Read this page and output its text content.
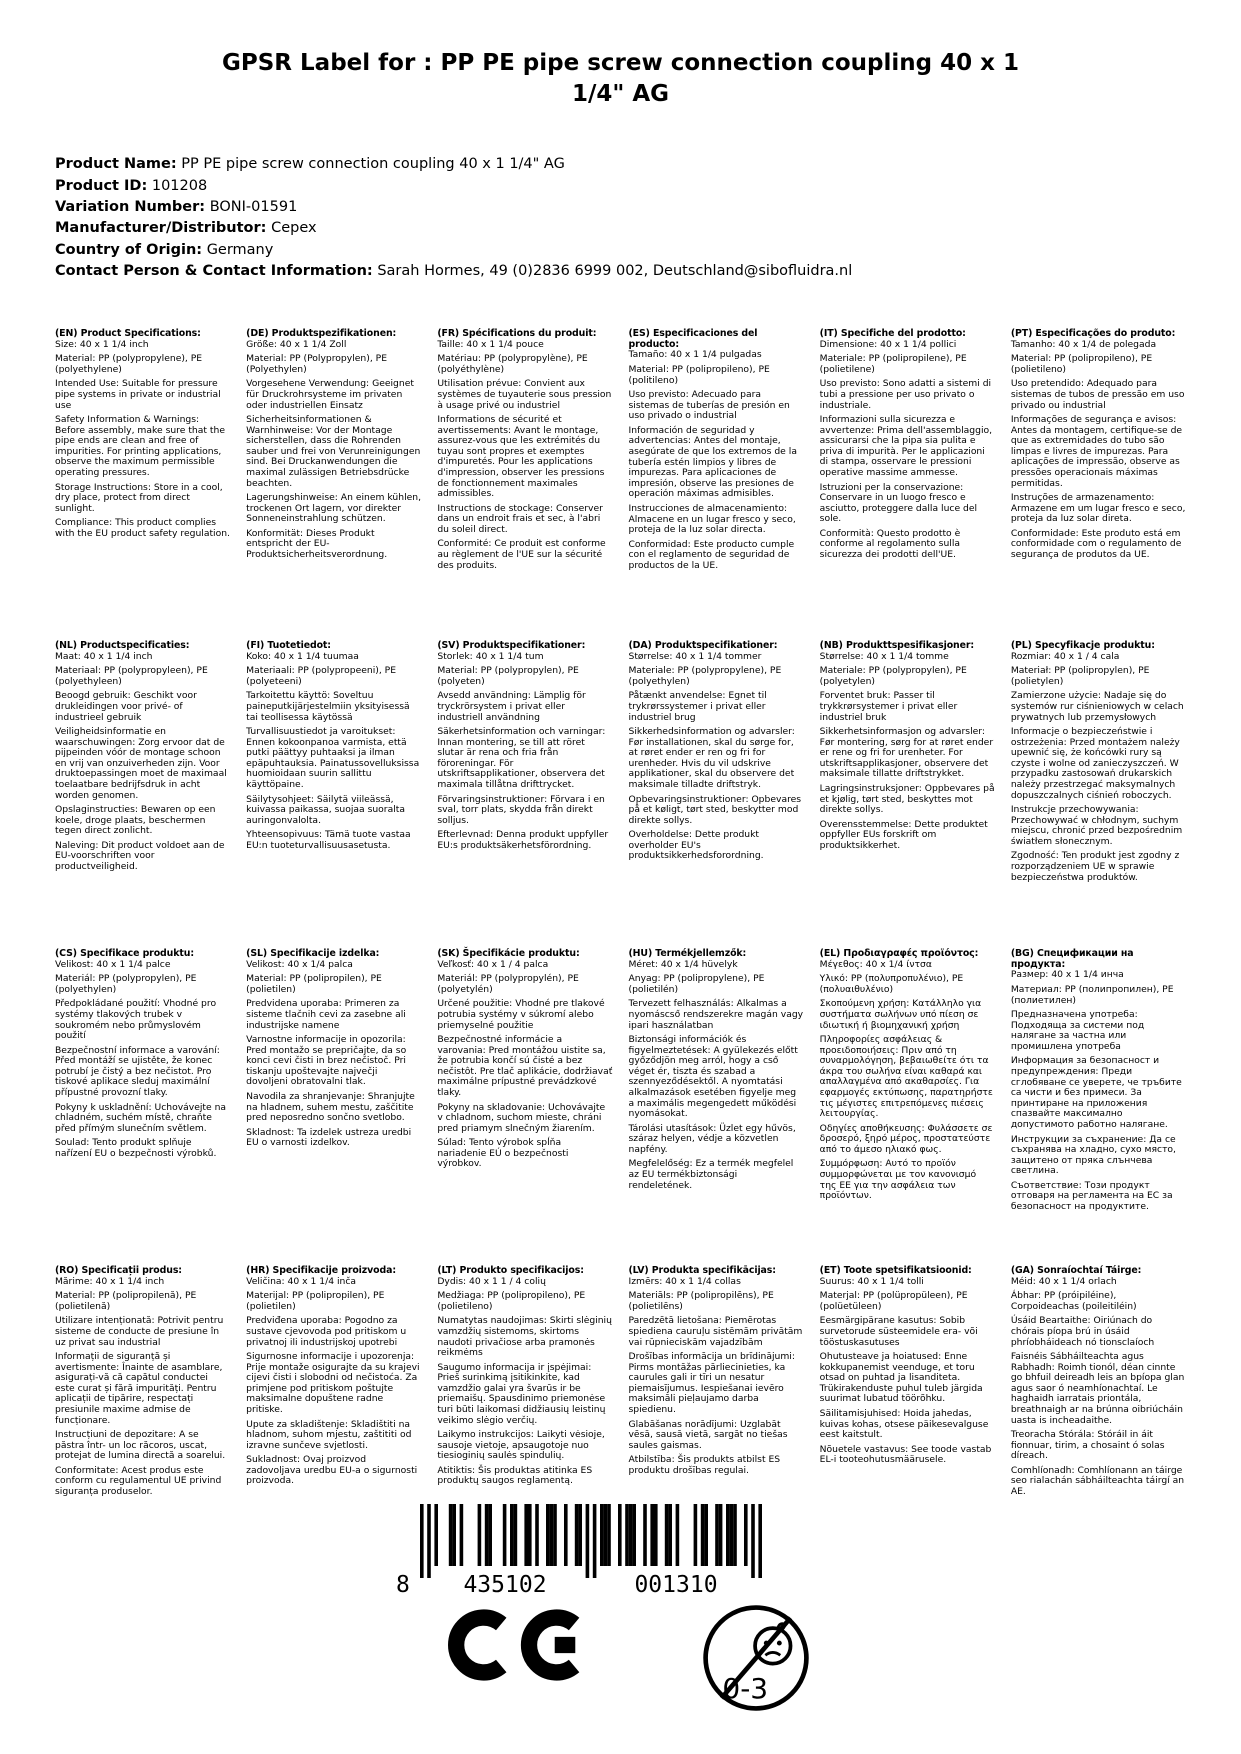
GPSR Label for : PP PE pipe screw connection coupling 40 x 1 1/4" AG
Product Name: PP PE pipe screw connection coupling 40 x 1 1/4" AG
Product ID: 101208
Variation Number: BONI-01591
Manufacturer/Distributor: Cepex
Country of Origin: Germany
Contact Person & Contact Information: Sarah Hormes, 49 (0)2836 6999 002, Deutschland@sibofluidra.nl

(EN) Product Specifications:

Size: 40 x 1 1/4 inch

Material: PP (polypropylene), PE (polyethylene)

Intended Use: Suitable for pressure pipe systems in private or industrial use

Safety Information & Warnings: Before assembly, make sure that the pipe ends are clean and free of impurities. For printing applications, observe the maximum permissible operating pressures.

Storage Instructions: Store in a cool, dry place, protect from direct sunlight.

Compliance: This product complies with the EU product safety regulation.

(DE) Produktspezifikationen:

Größe: 40 x 1 1/4 Zoll

Material: PP (Polypropylen), PE (Polyethylen)

Vorgesehene Verwendung: Geeignet für Druckrohrsysteme im privaten oder industriellen Einsatz

Sicherheitsinformationen & Warnhinweise: Vor der Montage sicherstellen, dass die Rohrenden sauber und frei von Verunreinigungen sind. Bei Druckanwendungen die maximal zulässigen Betriebsdrücke beachten.

Lagerungshinweise: An einem kühlen, trockenen Ort lagern, vor direkter Sonneneinstrahlung schützen.

Konformität: Dieses Produkt entspricht der EU-Produktsicherheitsverordnung.

(FR) Spécifications du produit:

Taille: 40 x 1 1/4 pouce

Matériau: PP (polypropylène), PE (polyéthylène)

Utilisation prévue: Convient aux systèmes de tuyauterie sous pression à usage privé ou industriel

Informations de sécurité et avertissements: Avant le montage, assurez-vous que les extrémités du tuyau sont propres et exemptes d'impuretés. Pour les applications d'impression, observer les pressions de fonctionnement maximales admissibles.

Instructions de stockage: Conserver dans un endroit frais et sec, à l'abri du soleil direct.

Conformité: Ce produit est conforme au règlement de l'UE sur la sécurité des produits.

(ES) Especificaciones del producto:

Tamaño: 40 x 1 1/4 pulgadas

Material: PP (polipropileno), PE (politileno)

Uso previsto: Adecuado para sistemas de tuberías de presión en uso privado o industrial

Información de seguridad y advertencias: Antes del montaje, asegúrate de que los extremos de la tubería estén limpios y libres de impurezas. Para aplicaciones de impresión, observe las presiones de operación máximas admisibles.

Instrucciones de almacenamiento: Almacene en un lugar fresco y seco, proteja de la luz solar directa.

Conformidad: Este producto cumple con el reglamento de seguridad de productos de la UE.

(IT) Specifiche del prodotto:

Dimensione: 40 x 1 1/4 pollici

Materiale: PP (polipropilene), PE (polietilene)

Uso previsto: Sono adatti a sistemi di tubi a pressione per uso privato o industriale.

Informazioni sulla sicurezza e avvertenze: Prima dell'assemblaggio, assicurarsi che la pipa sia pulita e priva di impurità. Per le applicazioni di stampa, osservare le pressioni operative massime ammesse.

Istruzioni per la conservazione: Conservare in un luogo fresco e asciutto, proteggere dalla luce del sole.

Conformità: Questo prodotto è conforme al regolamento sulla sicurezza dei prodotti dell'UE.

(PT) Especificações do produto:

Tamanho: 40 x 1/4 de polegada

Material: PP (polipropileno), PE (polietileno)

Uso pretendido: Adequado para sistemas de tubos de pressão em uso privado ou industrial

Informações de segurança e avisos: Antes da montagem, certifique-se de que as extremidades do tubo são limpas e livres de impurezas. Para aplicações de impressão, observe as pressões operacionais máximas permitidas.

Instruções de armazenamento: Armazene em um lugar fresco e seco, proteja da luz solar direta.

Conformidade: Este produto está em conformidade com o regulamento de segurança de produtos da UE.

(NL) Productspecificaties:

Maat: 40 x 1 1/4 inch

Materiaal: PP (polypropyleen), PE (polyethyleen)

Beoogd gebruik: Geschikt voor drukleidingen voor privé- of industrieel gebruik

Veiligheidsinformatie en waarschuwingen: Zorg ervoor dat de pijpeinden vóór de montage schoon en vrij van onzuiverheden zijn. Voor druktoepassingen moet de maximaal toelaatbare bedrijfsdruk in acht worden genomen.

Opslaginstructies: Bewaren op een koele, droge plaats, beschermen tegen direct zonlicht.

Naleving: Dit product voldoet aan de EU-voorschriften voor productveiligheid.

(FI) Tuotetiedot:

Koko: 40 x 1 1/4 tuumaa

Materiaali: PP (polypropeeni), PE (polyeteeni)

Tarkoitettu käyttö: Soveltuu paineputkijärjestelmiin yksityisessä tai teollisessa käytössä

Turvallisuustiedot ja varoitukset: Ennen kokoonpanoa varmista, että putki päättyy puhtaaksi ja ilman epäpuhtauksia. Painatussovelluksissa huomioidaan suurin sallittu käyttöpaine.

Säilytysohjeet: Säilytä viileässä, kuivassa paikassa, suojaa suoralta auringonvalolta.

Yhteensopivuus: Tämä tuote vastaa EU:n tuoteturvallisuusasetusta.

(SV) Produktspecifikationer:

Storlek: 40 x 1 1/4 tum

Material: PP (polypropylen), PE (polyeten)

Avsedd användning: Lämplig för tryckrörsystem i privat eller industriell användning

Säkerhetsinformation och varningar: Innan montering, se till att röret slutar är rena och fria från föroreningar. För utskriftsapplikationer, observera det maximala tillåtna drifttrycket.

Förvaringsinstruktioner: Förvara i en sval, torr plats, skydda från direkt solljus.

Efterlevnad: Denna produkt uppfyller EU:s produktsäkerhetsförordning.

(DA) Produktspecifikationer:

Størrelse: 40 x 1 1/4 tommer

Materiale: PP (polypropylene), PE (polyethylen)

Påtænkt anvendelse: Egnet til trykrørssystemer i privat eller industriel brug

Sikkerhedsinformation og advarsler: Før installationen, skal du sørge for, at røret ender er ren og fri for urenheder. Hvis du vil udskrive applikationer, skal du observere det maksimale tilladte driftstryk.

Opbevaringsinstruktioner: Opbevares på et køligt, tørt sted, beskytter mod direkte sollys.

Overholdelse: Dette produkt overholder EU's produktsikkerhedsforordning.

(NB) Produkttspesifikasjoner:

Størrelse: 40 x 1 1/4 tomme

Materiale: PP (polypropylen), PE (polyetylen)

Forventet bruk: Passer til trykkrørsystemer i privat eller industriel bruk

Sikkerhetsinformasjon og advarsler: Før montering, sørg for at røret ender er rene og fri for urenheter. For utskriftsapplikasjoner, observere det maksimale tillatte driftstrykket.

Lagringsinstruksjoner: Oppbevares på et kjølig, tørt sted, beskyttes mot direkte sollys.

Overensstemmelse: Dette produktet oppfyller EUs forskrift om produktsikkerhet.

(PL) Specyfikacje produktu:

Rozmiar: 40 x 1 / 4 cala

Materiał: PP (polipropylen), PE (polietylen)

Zamierzone użycie: Nadaje się do systemów rur ciśnieniowych w celach prywatnych lub przemysłowych

Informacje o bezpieczeństwie i ostrzeżenia: Przed montażem należy upewnić się, że końcówki rury są czyste i wolne od zanieczyszczeń. W przypadku zastosowań drukarskich należy przestrzegać maksymalnych dopuszczalnych ciśnień roboczych.

Instrukcje przechowywania: Przechowywać w chłodnym, suchym miejscu, chronić przed bezpośrednim światłem słonecznym.

Zgodność: Ten produkt jest zgodny z rozporządzeniem UE w sprawie bezpieczeństwa produktów.

(CS) Specifikace produktu:

Velikost: 40 x 1 1/4 palce

Materiál: PP (polypropylen), PE (polyethylen)

Předpokládané použití: Vhodné pro systémy tlakových trubek v soukromém nebo průmyslovém použití

Bezpečnostní informace a varování: Před montáží se ujistěte, že konec potrubí je čistý a bez nečistot. Pro tiskové aplikace sleduj maximální přípustné provozní tlaky.

Pokyny k uskladnění: Uchovávejte na chladném, suchém místě, chraňte před přímým slunečním světlem.

Soulad: Tento produkt splňuje nařízení EU o bezpečnosti výrobků.

(SL) Specifikacije izdelka:

Velikost: 40 x 1/4 palca

Material: PP (polipropilen), PE (polietilen)

Predvidena uporaba: Primeren za sisteme tlačnih cevi za zasebne ali industrijske namene

Varnostne informacije in opozorila: Pred montažo se prepričajte, da so konci cevi čisti in brez nečistoč. Pri tiskanju upoštevajte največji dovoljeni obratovalni tlak.

Navodila za shranjevanje: Shranjujte na hladnem, suhem mestu, zaščitite pred neposredno sončno svetlobo.

Skladnost: Ta izdelek ustreza uredbi EU o varnosti izdelkov.

(SK) Špecifikácie produktu:

Veľkosť: 40 x 1 / 4 palca

Materiál: PP (polypropylén), PE (polyetylén)

Určené použitie: Vhodné pre tlakové potrubia systémy v súkromí alebo priemyselné použitie

Bezpečnostné informácie a varovania: Pred montážou uistite sa, že potrubia končí sú čisté a bez nečistôt. Pre tlač aplikácie, dodržiavať maximálne prípustné prevádzkové tlaky.

Pokyny na skladovanie: Uchovávajte v chladnom, suchom mieste, chráni pred priamym slnečným žiarením.

Súlad: Tento výrobok spĺňa nariadenie EÚ o bezpečnosti výrobkov.

(HU) Termékjellemzők:

Méret: 40 x 1/4 hüvelyk

Anyag: PP (polipropylene), PE (polietilén)

Tervezett felhasználás: Alkalmas a nyomáscső rendszerekre magán vagy ipari használatban

Biztonsági információk és figyelmeztetések: A gyülekezés előtt győződjön meg arról, hogy a cső véget ér, tiszta és szabad a szennyeződésektől. A nyomtatási alkalmazások esetében figyelje meg a maximális megengedett működési nyomásokat.

Tárolási utasítások: Üzlet egy hűvös, száraz helyen, védje a közvetlen napfény.

Megfelelőség: Ez a termék megfelel az EU termékbiztonsági rendeletének.

(EL) Προδιαγραφές προϊόντος:

Μέγεθος: 40 x 1/4 ίντσα

Υλικό: PP (πολυπροπυλένιο), PE (πολυαιθυλένιο)

Σκοπούμενη χρήση: Κατάλληλο για συστήματα σωλήνων υπό πίεση σε ιδιωτική ή βιομηχανική χρήση

Πληροφορίες ασφάλειας & προειδοποιήσεις: Πριν από τη συναρμολόγηση, βεβαιωθείτε ότι τα άκρα του σωλήνα είναι καθαρά και απαλλαγμένα από ακαθαρσίες. Για εφαρμογές εκτύπωσης, παρατηρήστε τις μέγιστες επιτρεπόμενες πιέσεις λειτουργίας.

Οδηγίες αποθήκευσης: Φυλάσσετε σε δροσερό, ξηρό μέρος, προστατεύστε από το άμεσο ηλιακό φως.

Συμμόρφωση: Αυτό το προϊόν συμμορφώνεται με τον κανονισμό της ΕΕ για την ασφάλεια των προϊόντων.

(BG) Спецификации на продукта:

Размер: 40 x 1 1/4 инча

Материал: PP (полипропилен), PE (полиетилен)

Предназначена употреба: Подходяща за системи под налягане за частна или промишлена употреба

Информация за безопасност и предупреждения: Преди сглобяване се уверете, че тръбите са чисти и без примеси. За принтиране на приложения спазвайте максимално допустимото работно налягане.

Инструкции за съхранение: Да се съхранява на хладно, сухо място, защитено от пряка слънчева светлина.

Съответствие: Този продукт отговаря на регламента на ЕС за безопасност на продуктите.

(RO) Specificații produs:

Mărime: 40 x 1 1/4 inch

Material: PP (polipropilenă), PE (polietilenă)

Utilizare intenționată: Potrivit pentru sisteme de conducte de presiune în uz privat sau industrial

Informații de siguranță și avertismente: Înainte de asamblare, asigurați-vă că capătul conductei este curat și fără impurități. Pentru aplicații de tipărire, respectați presiunile maxime admise de funcționare.

Instrucțiuni de depozitare: A se păstra într- un loc răcoros, uscat, protejat de lumina directă a soarelui.

Conformitate: Acest produs este conform cu regulamentul UE privind siguranța produselor.

(HR) Specifikacije proizvoda:

Veličina: 40 x 1 1/4 inča

Materijal: PP (polipropilen), PE (polietilen)

Predviđena uporaba: Pogodno za sustave cjevovoda pod pritiskom u privatnoj ili industrijskoj upotrebi

Sigurnosne informacije i upozorenja: Prije montaže osigurajte da su krajevi cijevi čisti i slobodni od nečistoća. Za primjene pod pritiskom poštujte maksimalne dopuštene radne pritiske.

Upute za skladištenje: Skladištiti na hladnom, suhom mjestu, zaštititi od izravne sunčeve svjetlosti.

Sukladnost: Ovaj proizvod zadovoljava uredbu EU-a o sigurnosti proizvoda.

(LT) Produkto specifikacijos:

Dydis: 40 x 1 1 / 4 colių

Medžiaga: PP (polipropileno), PE (polietileno)

Numatytas naudojimas: Skirti slėginių vamzdžių sistemoms, skirtoms naudoti privačiose arba pramonės reikmėms

Saugumo informacija ir įspėjimai: Prieš surinkimą įsitikinkite, kad vamzdžio galai yra švarūs ir be priemaišų. Spausdinimo priemonėse turi būti laikomasi didžiausių leistinų veikimo slėgio verčių.

Laikymo instrukcijos: Laikyti vėsioje, sausoje vietoje, apsaugotoje nuo tiesioginių saulės spindulių.

Atitiktis: Šis produktas atitinka ES produktų saugos reglamentą.

(LV) Produkta specifikācijas:

Izmērs: 40 x 1 1/4 collas

Materiāls: PP (polipropilēns), PE (polietilēns)

Paredzētā lietošana: Piemērotas spiediena cauruļu sistēmām privātām vai rūpnieciskām vajadzībām

Drošības informācija un brīdinājumi: Pirms montāžas pārliecinieties, ka caurules gali ir tīri un nesatur piemaisījumus. Iespiešanai ievēro maksimāli pieļaujamo darba spiedienu.

Glabāšanas norādījumi: Uzglabāt vēsā, sausā vietā, sargāt no tiešas saules gaismas.

Atbilstība: Šis produkts atbilst ES produktu drošības regulai.

(ET) Toote spetsifikatsioonid:

Suurus: 40 x 1 1/4 tolli

Materjal: PP (polüpropüleen), PE (polüetüleen)

Eesmärgipärane kasutus: Sobib survetorude süsteemidele era- või tööstuskasutuses

Ohutusteave ja hoiatused: Enne kokkupanemist veenduge, et toru otsad on puhtad ja lisanditeta. Trükirakenduste puhul tuleb järgida suurimat lubatud töörõhku.

Säilitamisjuhised: Hoida jahedas, kuivas kohas, otsese päikesevalguse eest kaitstult.

Nõuetele vastavus: See toode vastab EL-i tooteohutusmäärusele.

(GA) Sonraíochtaí Táirge:

Méid: 40 x 1 1/4 orlach

Ábhar: PP (próipiléine), Corpoideachas (poileitiléin)

Úsáid Beartaithe: Oiriúnach do chórais píopa brú in úsáid phríobháideach nó tionsclaíoch

Faisnéis Sábháilteachta agus Rabhadh: Roimh tionól, déan cinnte go bhfuil deireadh leis an bpíopa glan agus saor ó neamhíonachtaí. Le haghaidh iarratais priontála, breathnaigh ar na brúnna oibriúcháin uasta is incheadaithe.

Treoracha Stórála: Stóráil in áit fionnuar, tirim, a chosaint ó solas díreach.

Comhlíonadh: Comhlíonann an táirge seo rialachán sábháilteachta táirgí an AE.

8 435102	001310
0-3
